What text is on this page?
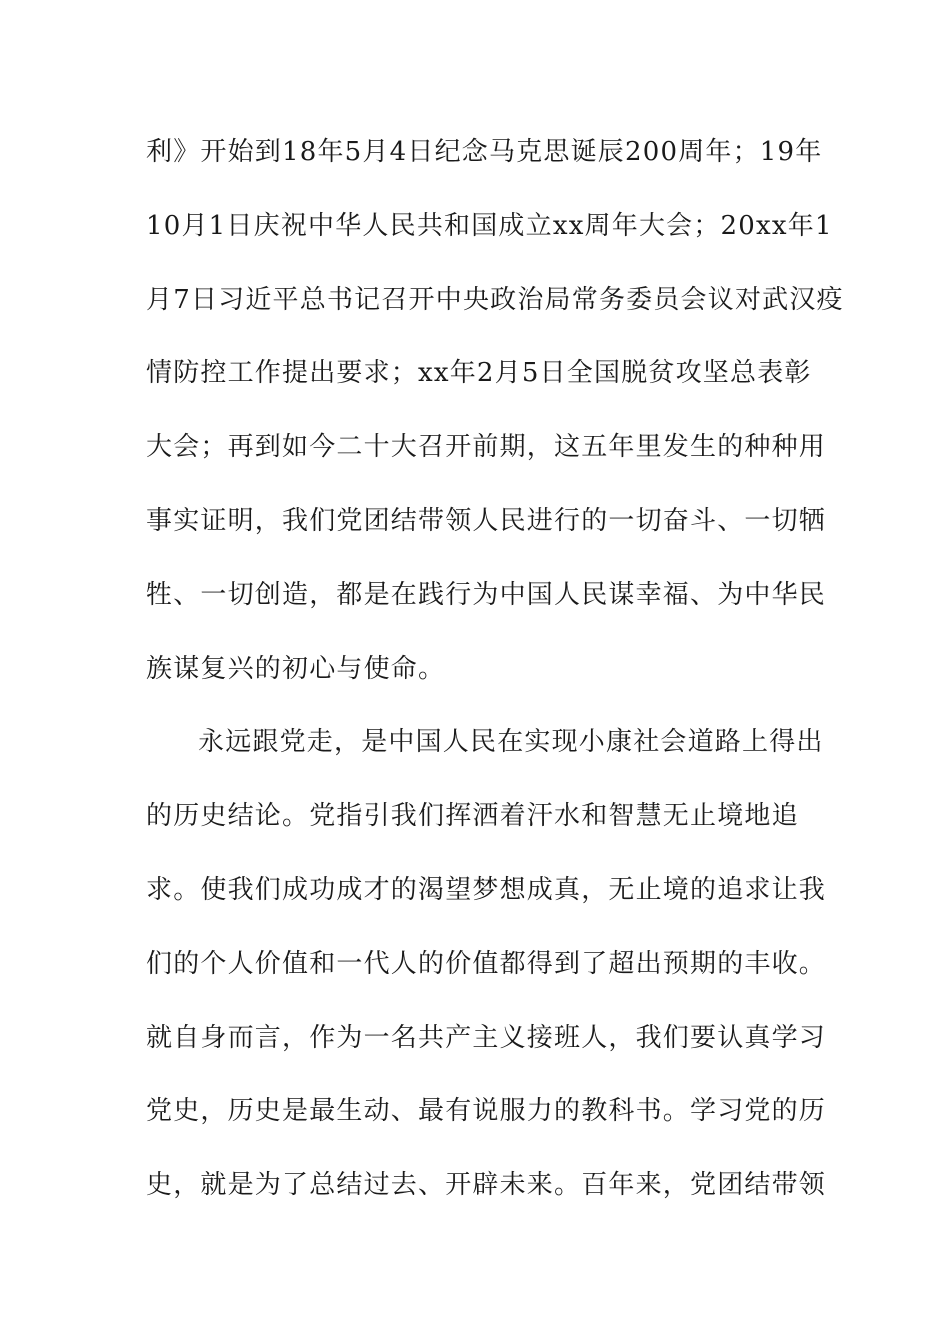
利》开始到18年5月4日纪念马克思诞辰200周年；19年
10月1日庆祝中华人民共和国成立xx周年大会；20xx年1
月7日习近平总书记召开中央政治局常务委员会议对武汉疫
情防控工作提出要求；xx年2月5日全国脱贫攻坚总表彰
大会；再到如今二十大召开前期，这五年里发生的种种用
事实证明，我们党团结带领人民进行的一切奋斗、一切牺
牲、一切创造，都是在践行为中国人民谋幸福、为中华民
族谋复兴的初心与使命。
永远跟党走，是中国人民在实现小康社会道路上得出
的历史结论。党指引我们挥洒着汗水和智慧无止境地追
求。使我们成功成才的渴望梦想成真，无止境的追求让我
们的个人价值和一代人的价值都得到了超出预期的丰收。
就自身而言，作为一名共产主义接班人，我们要认真学习
党史，历史是最生动、最有说服力的教科书。学习党的历
史，就是为了总结过去、开辟未来。百年来，党团结带领
